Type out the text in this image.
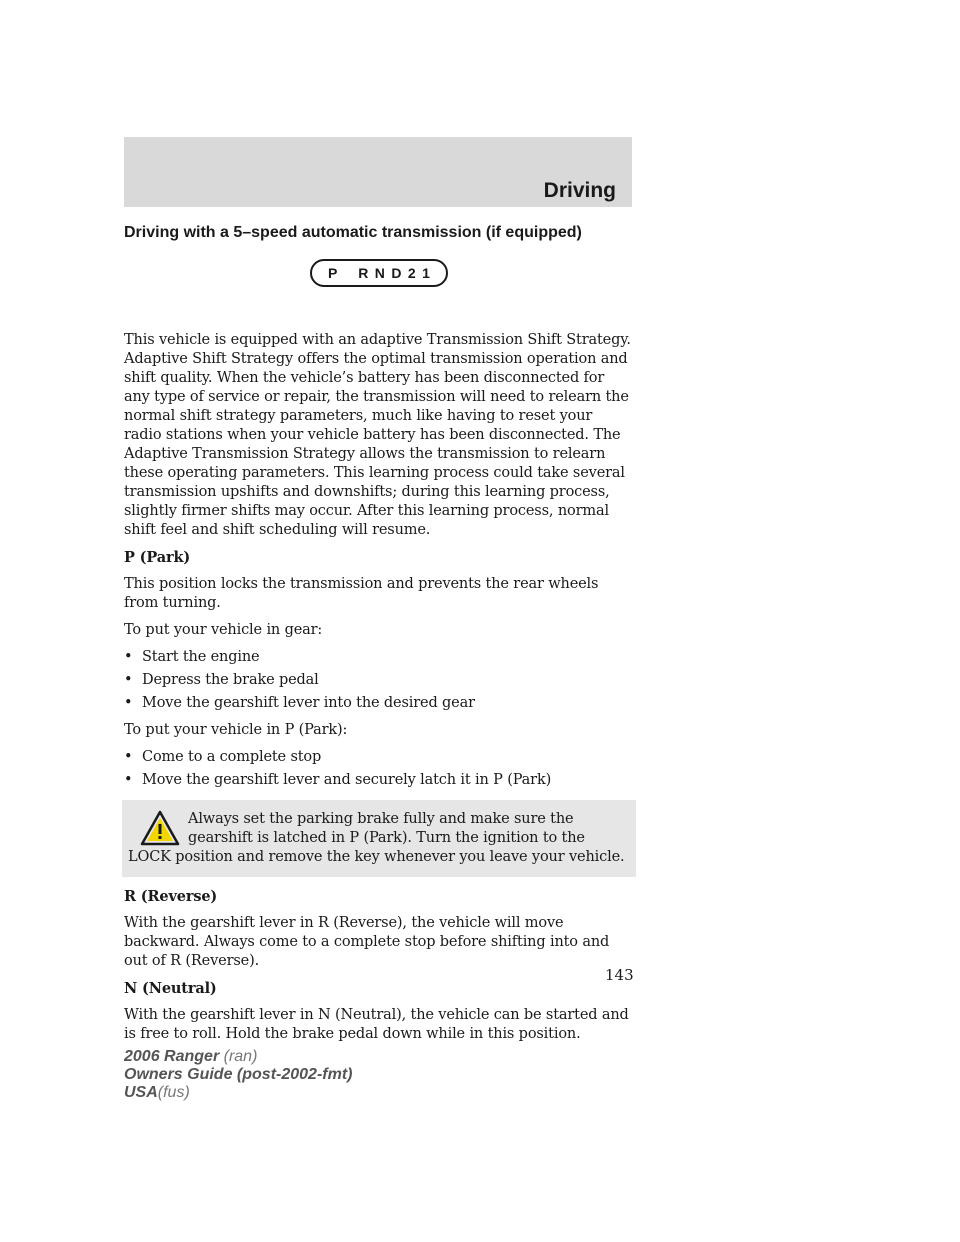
Driving
Driving with a 5–speed automatic transmission (if equipped)
P R N D 2 1

This vehicle is equipped with an adaptive Transmission Shift Strategy. Adaptive Shift Strategy offers the optimal transmission operation and shift quality. When the vehicle’s battery has been disconnected for any type of service or repair, the transmission will need to relearn the normal shift strategy parameters, much like having to reset your radio stations when your vehicle battery has been disconnected. The Adaptive Transmission Strategy allows the transmission to relearn these operating parameters. This learning process could take several transmission upshifts and downshifts; during this learning process, slightly firmer shifts may occur. After this learning process, normal shift feel and shift scheduling will resume.

P (Park)

This position locks the transmission and prevents the rear wheels from turning.

To put your vehicle in gear:

• Start the engine
• Depress the brake pedal
• Move the gearshift lever into the desired gear

To put your vehicle in P (Park):

• Come to a complete stop
• Move the gearshift lever and securely latch it in P (Park)
Always set the parking brake fully and make sure the gearshift is latched in P (Park). Turn the ignition to the LOCK position and remove the key whenever you leave your vehicle.
R (Reverse)

With the gearshift lever in R (Reverse), the vehicle will move backward. Always come to a complete stop before shifting into and out of R (Reverse).

N (Neutral)

With the gearshift lever in N (Neutral), the vehicle can be started and is free to roll. Hold the brake pedal down while in this position.

143
2006 Ranger (ran)
Owners Guide (post-2002-fmt)
USA(fus)
